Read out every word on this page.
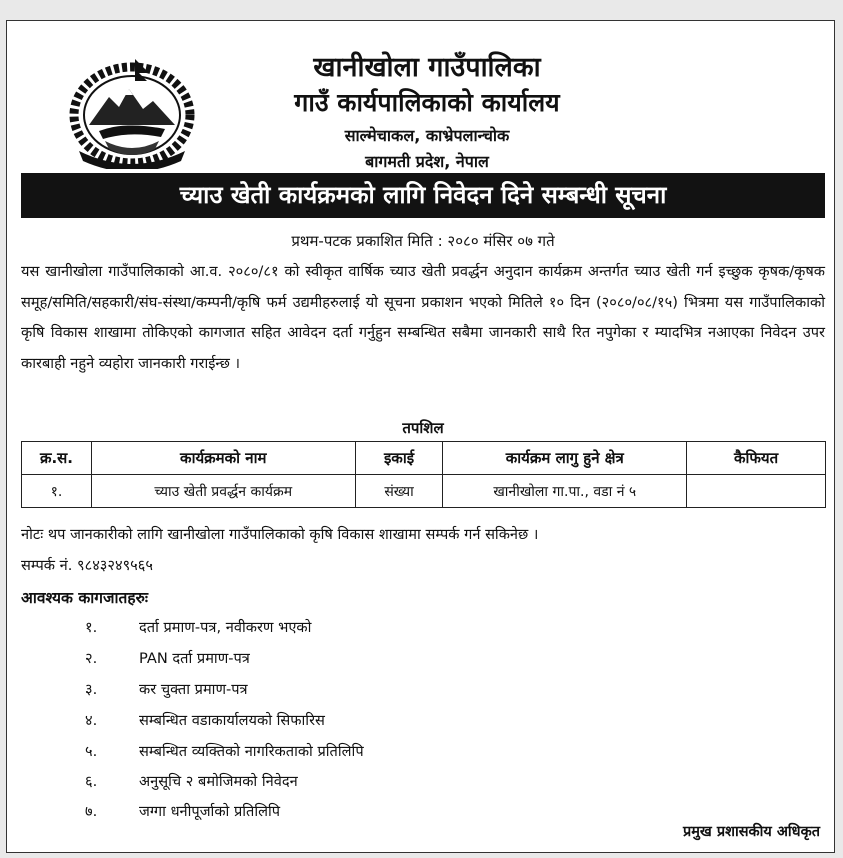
खानीखोला गाउँपालिका
गाउँ कार्यपालिकाको कार्यालय
साल्मेचाकल, काभ्रेपलान्चोक
बागमती प्रदेश, नेपाल
च्याउ खेती कार्यक्रमको लागि निवेदन दिने सम्बन्धी सूचना
प्रथम-पटक प्रकाशित मिति : २०८० मंसिर ०७ गते

यस खानीखोला गाउँपालिकाको आ.व. २०८०/८१ को स्वीकृत वार्षिक च्याउ खेती प्रवर्द्धन अनुदान कार्यक्रम अन्तर्गत च्याउ खेती गर्न इच्छुक कृषक/कृषक समूह/समिति/सहकारी/संघ-संस्था/कम्पनी/कृषि फर्म उद्यमीहरुलाई यो सूचना प्रकाशन भएको मितिले १० दिन (२०८०/०८/१५) भित्रमा यस गाउँपालिकाको कृषि विकास शाखामा तोकिएको कागजात सहित आवेदन दर्ता गर्नुहुन सम्बन्धित सबैमा जानकारी साथै रित नपुगेका र म्यादभित्र नआएका निवेदन उपर कारबाही नहुने व्यहोरा जानकारी गराईन्छ ।

तपशिल
क्र.स.	कार्यक्रमको नाम	इकाई	कार्यक्रम लागु हुने क्षेत्र	कैफियत
१.	च्याउ खेती प्रवर्द्धन कार्यक्रम	संख्या	खानीखोला गा.पा., वडा नं ५	
नोटः थप जानकारीको लागि खानीखोला गाउँपालिकाको कृषि विकास शाखामा सम्पर्क गर्न सकिनेछ ।
सम्पर्क नं. ९८४३२४९५६५
आवश्यक कागजातहरुः
१.	दर्ता प्रमाण-पत्र, नवीकरण भएको
२.	PAN दर्ता प्रमाण-पत्र
३.	कर चुक्ता प्रमाण-पत्र
४.	सम्बन्धित वडाकार्यालयको सिफारिस
५.	सम्बन्धित व्यक्तिको नागरिकताको प्रतिलिपि
६.	अनुसूचि २ बमोजिमको निवेदन
७.	जग्गा धनीपूर्जाको प्रतिलिपि
प्रमुख प्रशासकीय अधिकृत
